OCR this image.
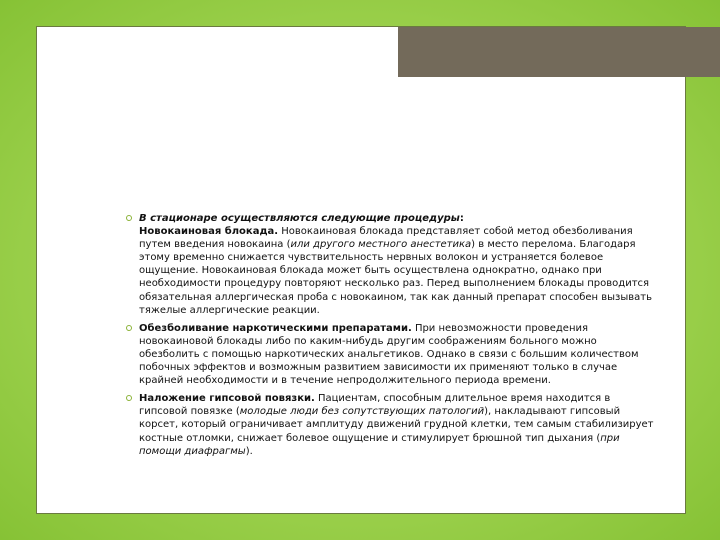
В стационаре осуществляются следующие процедуры:
Новокаиновая блокада. Новокаиновая блокада представляет собой метод обезболивания путем введения новокаина (или другого местного анестетика) в место перелома. Благодаря этому временно снижается чувствительность нервных волокон и устраняется болевое ощущение. Новокаиновая блокада может быть осуществлена однократно, однако при необходимости процедуру повторяют несколько раз. Перед выполнением блокады проводится обязательная аллергическая проба с новокаином, так как данный препарат способен вызывать тяжелые аллергические реакции.
Обезболивание наркотическими препаратами. При невозможности проведения новокаиновой блокады либо по каким-нибудь другим соображениям больного можно обезболить с помощью наркотических анальгетиков. Однако в связи с большим количеством побочных эффектов и возможным развитием зависимости их применяют только в случае крайней необходимости и в течение непродолжительного периода времени.
Наложение гипсовой повязки. Пациентам, способным длительное время находится в гипсовой повязке (молодые люди без сопутствующих патологий), накладывают гипсовый корсет, который ограничивает амплитуду движений грудной клетки, тем самым стабилизирует костные отломки, снижает болевое ощущение и стимулирует брюшной тип дыхания (при помощи диафрагмы).
